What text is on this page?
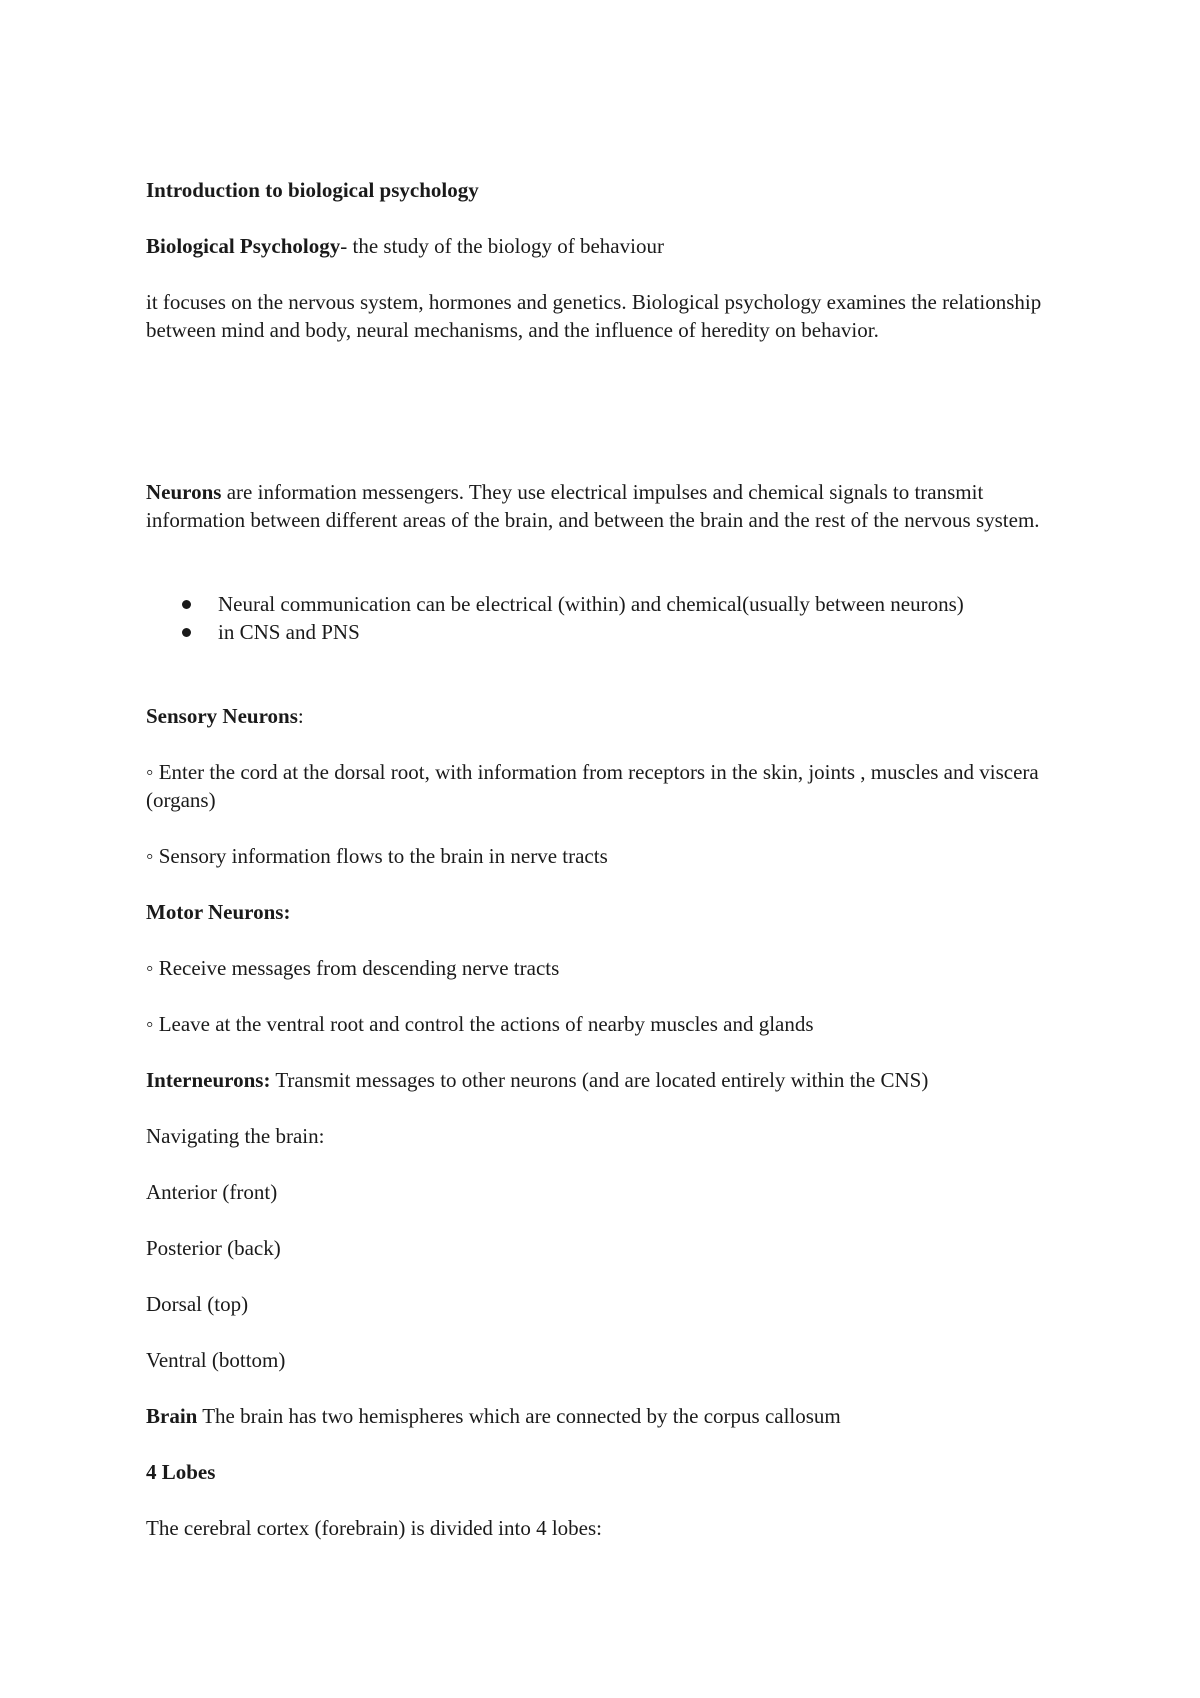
Introduction to biological psychology

Biological Psychology- the study of the biology of behaviour

it focuses on the nervous system, hormones and genetics. Biological psychology examines the relationship between mind and body, neural mechanisms, and the influence of heredity on behavior.

Neurons are information messengers. They use electrical impulses and chemical signals to transmit information between different areas of the brain, and between the brain and the rest of the nervous system.

Neural communication can be electrical (within) and chemical(usually between neurons)
in CNS and PNS

Sensory Neurons:

◦ Enter the cord at the dorsal root, with information from receptors in the skin, joints , muscles and viscera (organs)

◦ Sensory information flows to the brain in nerve tracts

Motor Neurons:

◦ Receive messages from descending nerve tracts

◦ Leave at the ventral root and control the actions of nearby muscles and glands

Interneurons: Transmit messages to other neurons (and are located entirely within the CNS)

Navigating the brain:

Anterior (front)

Posterior (back)

Dorsal (top)

Ventral (bottom)

Brain The brain has two hemispheres which are connected by the corpus callosum

4 Lobes

The cerebral cortex (forebrain) is divided into 4 lobes:
